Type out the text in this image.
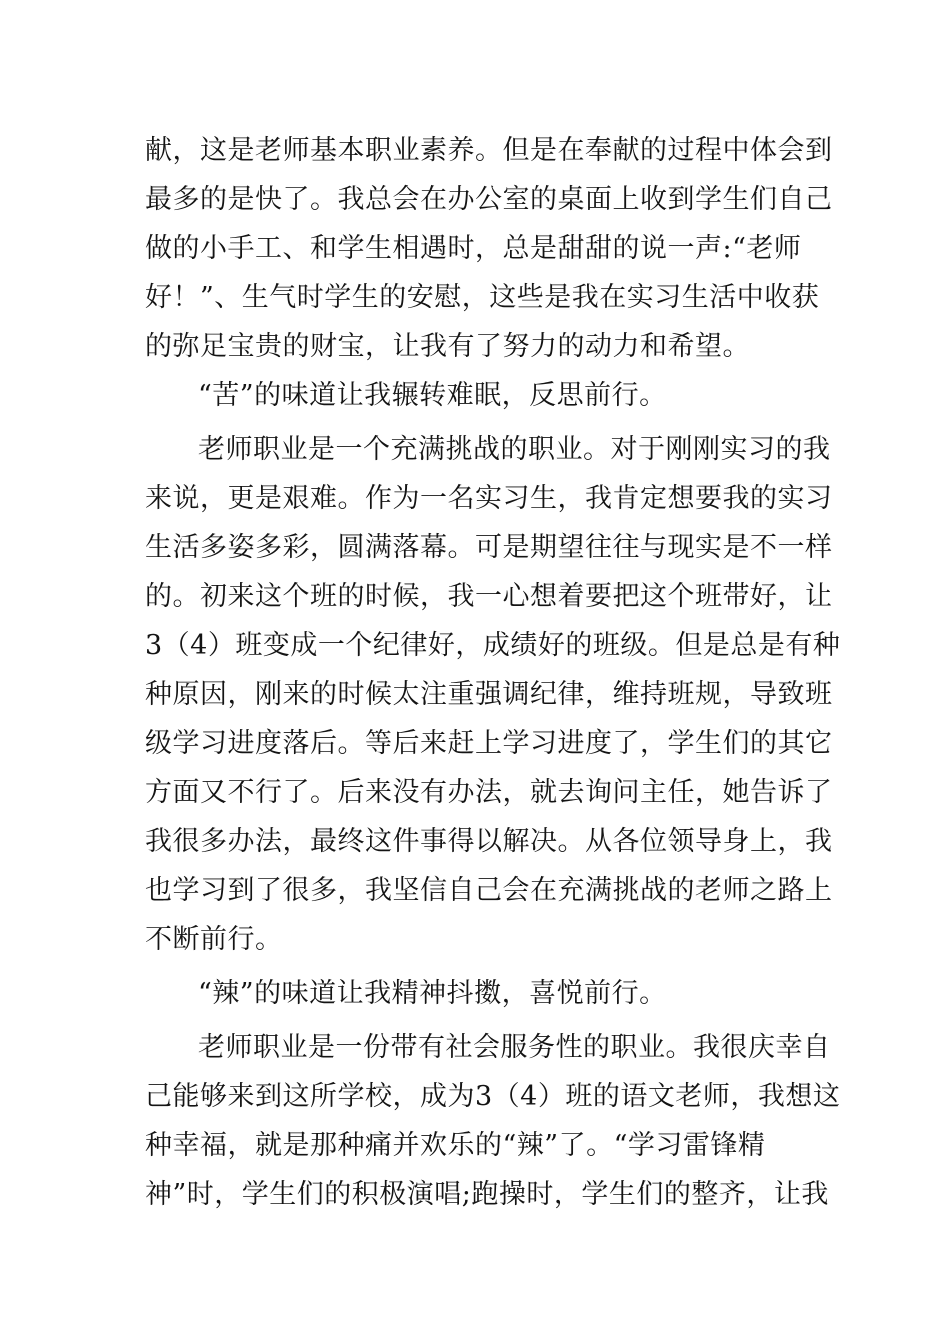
献，这是老师基本职业素养。但是在奉献的过程中体会到
最多的是快了。我总会在办公室的桌面上收到学生们自己
做的小手工、和学生相遇时，总是甜甜的说一声:“老师
好！”、生气时学生的安慰，这些是我在实习生活中收获
的弥足宝贵的财宝，让我有了努力的动力和希望。
“苦”的味道让我辗转难眠，反思前行。
老师职业是一个充满挑战的职业。对于刚刚实习的我
来说，更是艰难。作为一名实习生，我肯定想要我的实习
生活多姿多彩，圆满落幕。可是期望往往与现实是不一样
的。初来这个班的时候，我一心想着要把这个班带好，让
3（4）班变成一个纪律好，成绩好的班级。但是总是有种
种原因，刚来的时候太注重强调纪律，维持班规，导致班
级学习进度落后。等后来赶上学习进度了，学生们的其它
方面又不行了。后来没有办法，就去询问主任，她告诉了
我很多办法，最终这件事得以解决。从各位领导身上，我
也学习到了很多，我坚信自己会在充满挑战的老师之路上
不断前行。
“辣”的味道让我精神抖擞，喜悦前行。
老师职业是一份带有社会服务性的职业。我很庆幸自
己能够来到这所学校，成为3（4）班的语文老师，我想这
种幸福，就是那种痛并欢乐的“辣”了。“学习雷锋精
神”时，学生们的积极演唱;跑操时，学生们的整齐，让我
